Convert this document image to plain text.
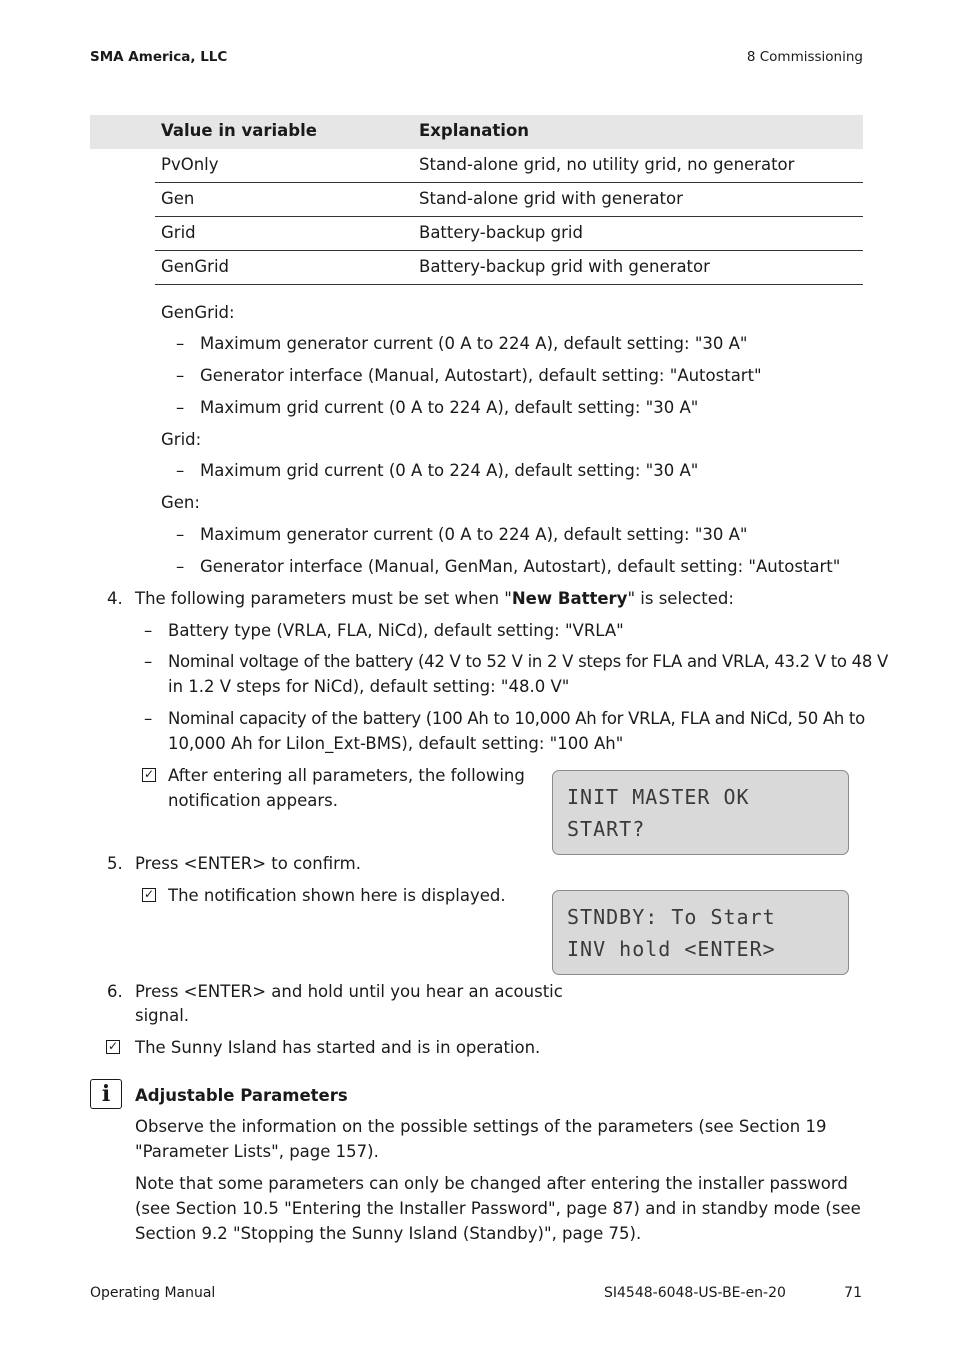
SMA America, LLC	8 Commissioning
Value in variable	Explanation
PvOnly	Stand-alone grid, no utility grid, no generator
Gen	Stand-alone grid with generator
Grid	Battery-backup grid
GenGrid	Battery-backup grid with generator
GenGrid:
– Maximum generator current (0 A to 224 A), default setting: "30 A"
– Generator interface (Manual, Autostart), default setting: "Autostart"
– Maximum grid current (0 A to 224 A), default setting: "30 A"
Grid:
– Maximum grid current (0 A to 224 A), default setting: "30 A"
Gen:
– Maximum generator current (0 A to 224 A), default setting: "30 A"
– Generator interface (Manual, GenMan, Autostart), default setting: "Autostart"
4. The following parameters must be set when "New Battery" is selected:
– Battery type (VRLA, FLA, NiCd), default setting: "VRLA"
– Nominal voltage of the battery (42 V to 52 V in 2 V steps for FLA and VRLA, 43.2 V to 48 V
in 1.2 V steps for NiCd), default setting: "48.0 V"
– Nominal capacity of the battery (100 Ah to 10,000 Ah for VRLA, FLA and NiCd, 50 Ah to
10,000 Ah for LiIon_Ext-BMS), default setting: "100 Ah"
✓ After entering all parameters, the following
notification appears.	INIT MASTER OK
START?
5. Press <ENTER> to confirm.
✓ The notification shown here is displayed.
STNDBY: To Start
INV hold <ENTER>
6. Press <ENTER> and hold until you hear an acoustic
signal.
✓ The Sunny Island has started and is in operation.
i	Adjustable Parameters
Observe the information on the possible settings of the parameters (see Section 19 "Parameter Lists", page 157).
Note that some parameters can only be changed after entering the installer password (see Section 10.5 "Entering the Installer Password", page 87) and in standby mode (see Section 9.2 "Stopping the Sunny Island (Standby)", page 75).
Operating Manual	SI4548-6048-US-BE-en-20	71
